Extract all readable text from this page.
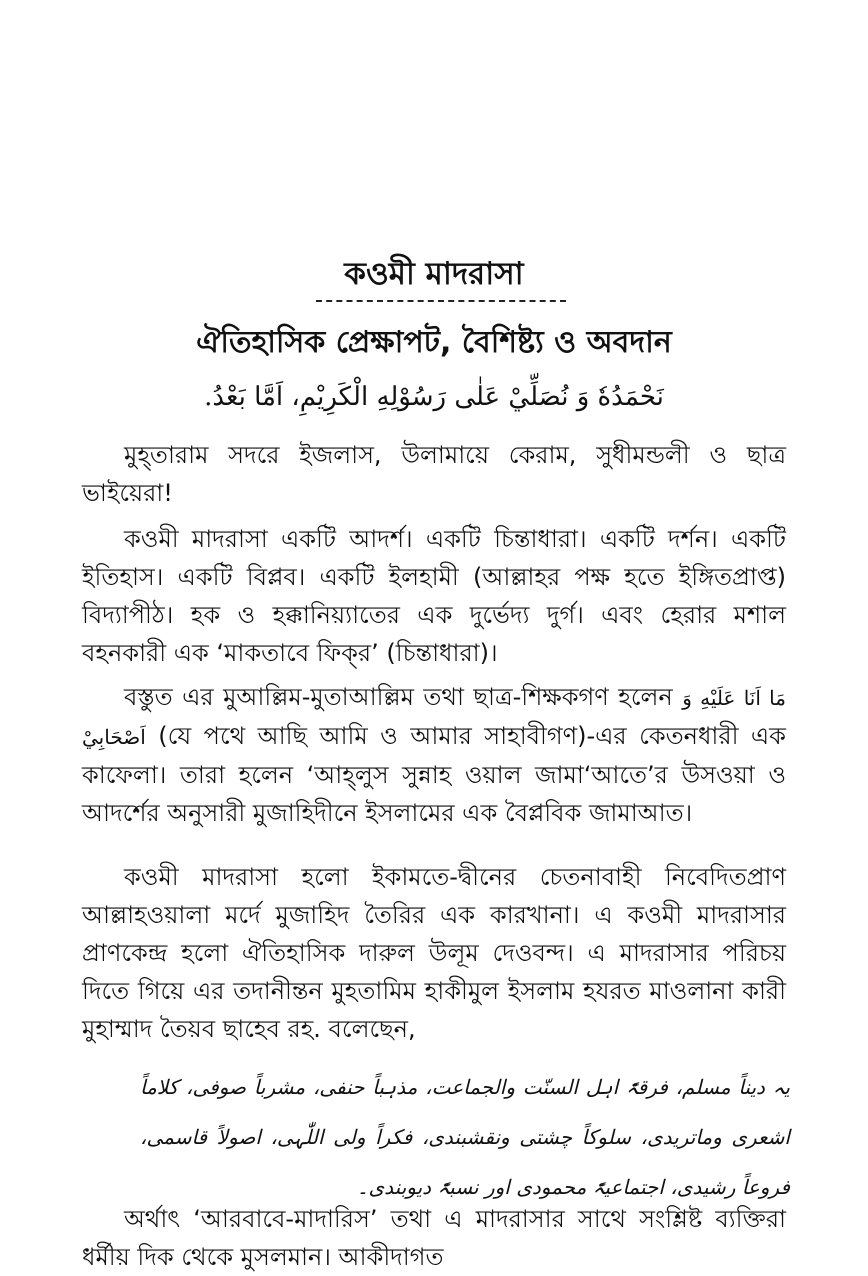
কওমী মাদরাসা
ঐতিহাসিক প্রেক্ষাপট, বৈশিষ্ট্য ও অবদান
نَحْمَدُهٗ وَ نُصَلِّيْ عَلٰى رَسُوْلِهِ الْكَرِيْمِ، اَمَّا بَعْدُ.

মুহ্‌তারাম সদরে ইজলাস, উলামায়ে কেরাম, সুধীমন্ডলী ও ছাত্র ভাইয়েরা!

কওমী মাদরাসা একটি আদর্শ। একটি চিন্তাধারা। একটি দর্শন। একটি ইতিহাস। একটি বিপ্লব। একটি ইলহামী (আল্লাহর পক্ষ হতে ইঙ্গিতপ্রাপ্ত) বিদ্যাপীঠ। হক ও হক্কানিয়্যাতের এক দুর্ভেদ্য দুর্গ। এবং হেরার মশাল বহনকারী এক ‘মাকতাবে ফিক্‌র’ (চিন্তাধারা)।

বস্তুত এর মুআল্লিম-মুতাআল্লিম তথা ছাত্র-শিক্ষকগণ হলেন مَا اَنَا عَلَيْهِ وَ اَصْحَابِيْ (যে পথে আছি আমি ও আমার সাহাবীগণ)-এর কেতনধারী এক কাফেলা। তারা হলেন ‘আহ্‌লুস সুন্নাহ ওয়াল জামা‘আতে’র উসওয়া ও আদর্শের অনুসারী মুজাহিদীনে ইসলামের এক বৈপ্লবিক জামাআত।

কওমী মাদরাসা হলো ইকামতে-দ্বীনের চেতনাবাহী নিবেদিতপ্রাণ আল্লাহওয়ালা মর্দে মুজাহিদ তৈরির এক কারখানা। এ কওমী মাদরাসার প্রাণকেন্দ্র হলো ঐতিহাসিক দারুল উলূম দেওবন্দ। এ মাদরাসার পরিচয় দিতে গিয়ে এর তদানীন্তন মুহতামিম হাকীমুল ইসলাম হযরত মাওলানা কারী মুহাম্মাদ তৈয়ব ছাহেব রহ. বলেছেন,

یہ دیناً مسلم، فرقۃً اہل السنّت والجماعت، مذہباً حنفی، مشرباً صوفی، کلاماً اشعری وماتریدی، سلوکاً چشتی ونقشبندی، فکراً ولی اللّٰہی، اصولاً قاسمی، فروعاً رشیدی، اجتماعیۃً محمودی اور نسبۃً دیوبندی۔

অর্থাৎ ‘আরবাবে-মাদারিস’ তথা এ মাদরাসার সাথে সংশ্লিষ্ট ব্যক্তিরা ধর্মীয় দিক থেকে মুসলমান। আকীদাগত
